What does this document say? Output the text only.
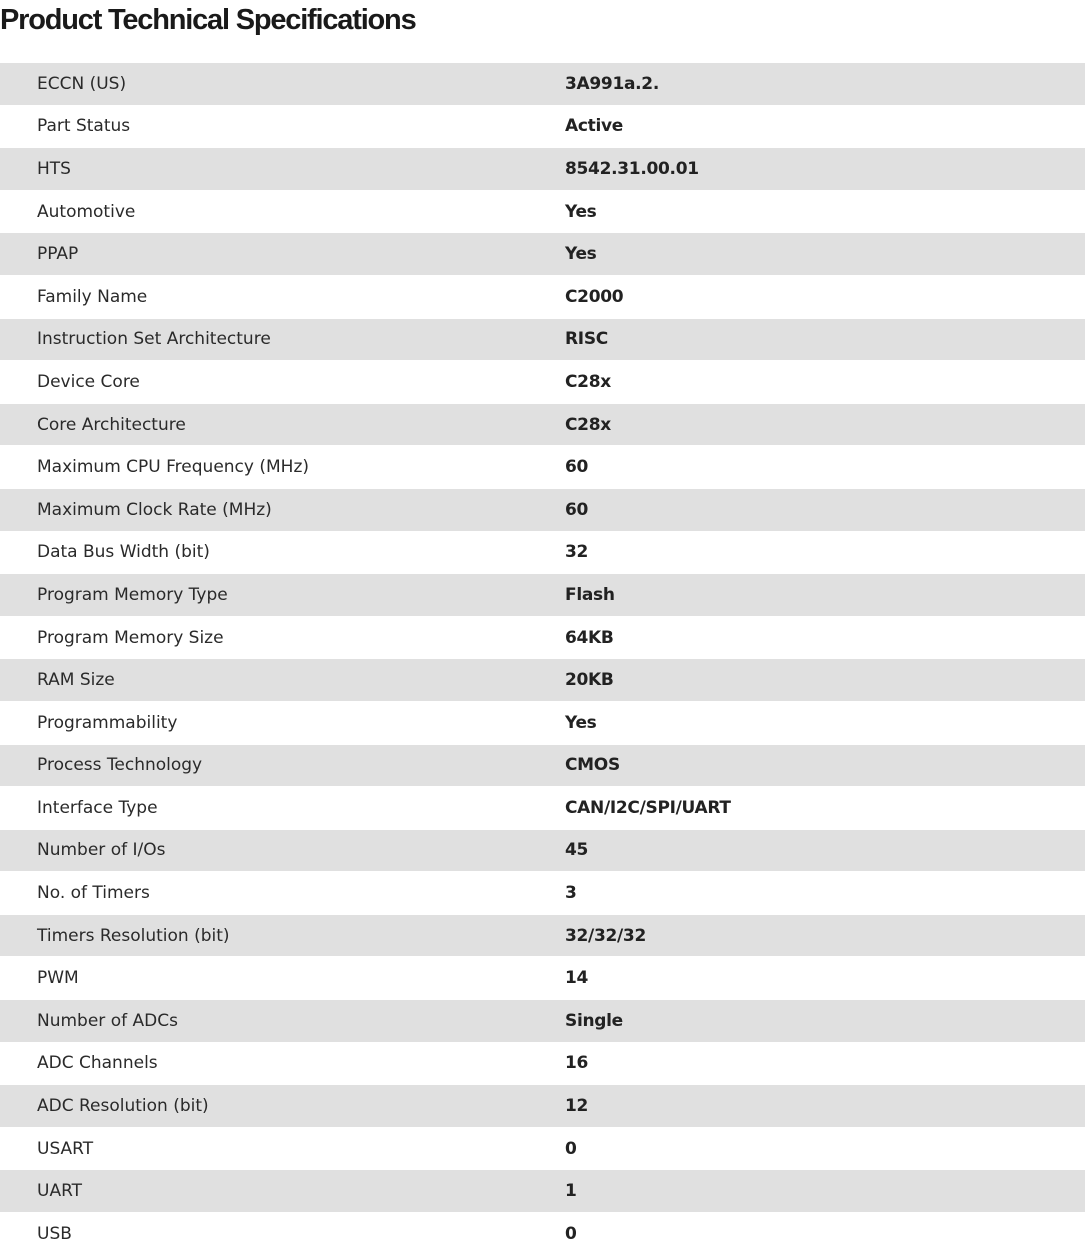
Product Technical Specifications
ECCN (US)	3A991a.2.
Part Status	Active
HTS	8542.31.00.01
Automotive	Yes
PPAP	Yes
Family Name	C2000
Instruction Set Architecture	RISC
Device Core	C28x
Core Architecture	C28x
Maximum CPU Frequency (MHz)	60
Maximum Clock Rate (MHz)	60
Data Bus Width (bit)	32
Program Memory Type	Flash
Program Memory Size	64KB
RAM Size	20KB
Programmability	Yes
Process Technology	CMOS
Interface Type	CAN/I2C/SPI/UART
Number of I/Os	45
No. of Timers	3
Timers Resolution (bit)	32/32/32
PWM	14
Number of ADCs	Single
ADC Channels	16
ADC Resolution (bit)	12
USART	0
UART	1
USB	0
